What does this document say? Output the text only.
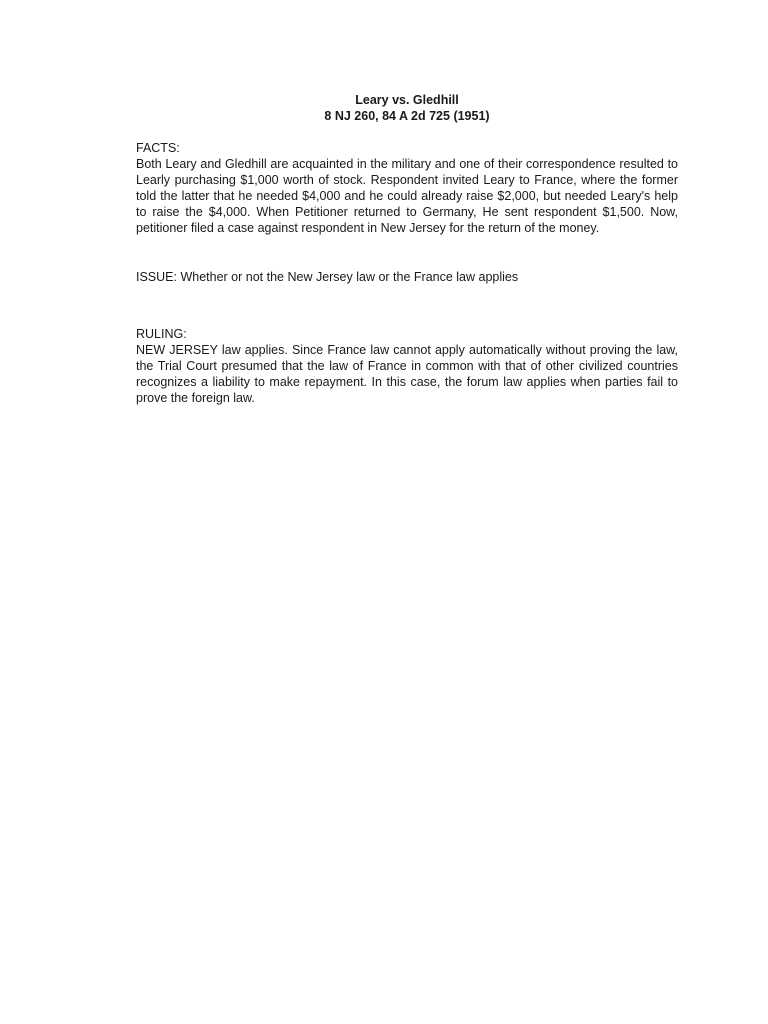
Leary vs. Gledhill

8 NJ 260, 84 A 2d 725 (1951)

FACTS:

Both Leary and Gledhill are acquainted in the military and one of their correspondence resulted to Learly purchasing $1,000 worth of stock. Respondent invited Leary to France, where the former told the latter that he needed $4,000 and he could already raise $2,000, but needed Leary's help to raise the $4,000. When Petitioner returned to Germany, He sent respondent $1,500. Now, petitioner filed a case against respondent in New Jersey for the return of the money.

ISSUE: Whether or not the New Jersey law or the France law applies

RULING:

NEW JERSEY law applies. Since France law cannot apply automatically without proving the law, the Trial Court presumed that the law of France in common with that of other civilized countries recognizes a liability to make repayment. In this case, the forum law applies when parties fail to prove the foreign law.
